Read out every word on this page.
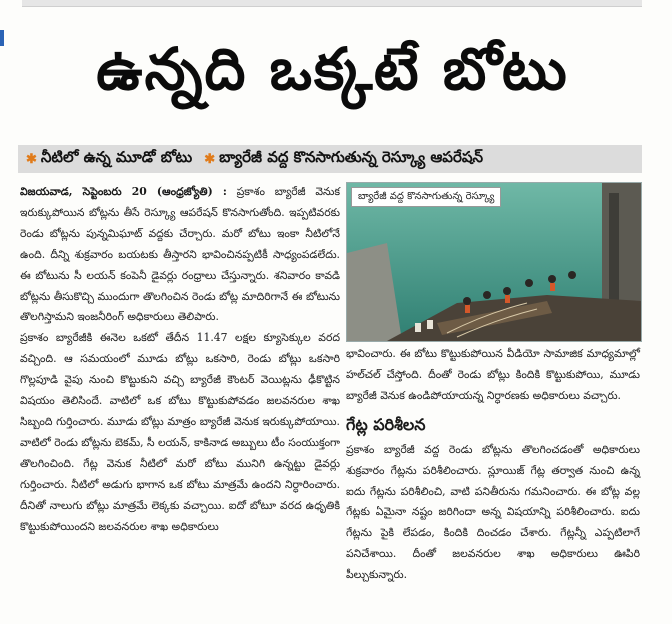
ఉన్నది ఒక్కటే బోటు
✱ నీటిలో ఉన్న మూడో బోటు ✱ బ్యారేజీ వద్ద కొనసాగుతున్న రెస్క్యూ ఆపరేషన్

విజయవాడ, సెప్టెంబరు 20 (ఆంధ్రజ్యోతి) : ప్రకాశం బ్యారేజీ వెనుక ఇరుక్కుపోయిన బోట్లను తీసే రెస్క్యూ ఆపరేషన్ కొనసాగుతోంది. ఇప్పటివరకు రెండు బోట్లను పున్నమిఘాట్ వద్దకు చేర్చారు. మరో బోటు ఇంకా నీటిలోనే ఉంది. దీన్ని శుక్రవారం బయటకు తీస్తారని భావించినప్పటికీ సాధ్యంపడలేదు. ఈ బోటును సీ లయన్ కంపెనీ డైవర్లు రంధ్రాలు చేస్తున్నారు. శనివారం కావడి బోట్లను తీసుకొచ్చి ముందుగా తొలగించిన రెండు బోట్ల మాదిరిగానే ఈ బోటును తొలగిస్తామని ఇంజనీరింగ్ అధికారులు తెలిపారు.

ప్రకాశం బ్యారేజీకి ఈనెల ఒకటో తేదీన 11.47 లక్షల క్యూసెక్కుల వరద వచ్చింది. ఆ సమయంలో మూడు బోట్లు ఒకసారి, రెండు బోట్లు ఒకసారి గొల్లపూడి వైపు నుంచి కొట్టుకుని వచ్చి బ్యారేజీ కౌంటర్ వెయిట్లను ఢీకొట్టిన విషయం తెలిసిందే. వాటిలో ఒక బోటు కొట్టుకుపోవడం జలవనరుల శాఖ సిబ్బంది గుర్తించారు. మూడు బోట్లు మాత్రం బ్యారేజీ వెనుక ఇరుక్కుపోయాయి. వాటిలో రెండు బోట్లను బెకమ్, సీ లయన్, కాకినాడ అబ్బులు టీం సంయుక్తంగా తొలగించింది. గేట్ల వెనుక నీటిలో మరో బోటు మునిగి ఉన్నట్టు డైవర్లు గుర్తించారు. నీటిలో అడుగు భాగాన ఒక బోటు మాత్రమే ఉందని నిర్ధారించారు. దీనితో నాలుగు బోట్లు మాత్రమే లెక్కకు వచ్చాయి. ఐదో బోటూ వరద ఉధృతికి కొట్టుకుపోయిందని జలవనరుల శాఖ అధికారులు

బ్యారేజీ వద్ద కొనసాగుతున్న రెస్క్యూ

భావించారు. ఈ బోటు కొట్టుకుపోయిన వీడియో సామాజిక మాధ్యమాల్లో హల్‌చల్ చేస్తోంది. దీంతో రెండు బోట్లు కిందికి కొట్టుకుపోయి, మూడు బ్యారేజీ వెనుక ఉండిపోయాయన్న నిర్ధారణకు అధికారులు వచ్చారు.

గేట్ల పరిశీలన

ప్రకాశం బ్యారేజీ వద్ద రెండు బోట్లను తొలగించడంతో అధికారులు శుక్రవారం గేట్లను పరిశీలించారు. స్లూయిజ్ గేట్ల తర్వాత నుంచి ఉన్న ఐదు గేట్లను పరిశీలించి, వాటి పనితీరును గమనించారు. ఈ బోట్ల వల్ల గేట్లకు ఏమైనా నష్టం జరిగిందా అన్న విషయాన్ని పరిశీలించారు. ఐదు గేట్లను పైకి లేపడం, కిందికి దించడం చేశారు. గేట్లన్నీ ఎప్పటిలాగే పనిచేశాయి. దీంతో జలవనరుల శాఖ అధికారులు ఊపిరి పీల్చుకున్నారు.
